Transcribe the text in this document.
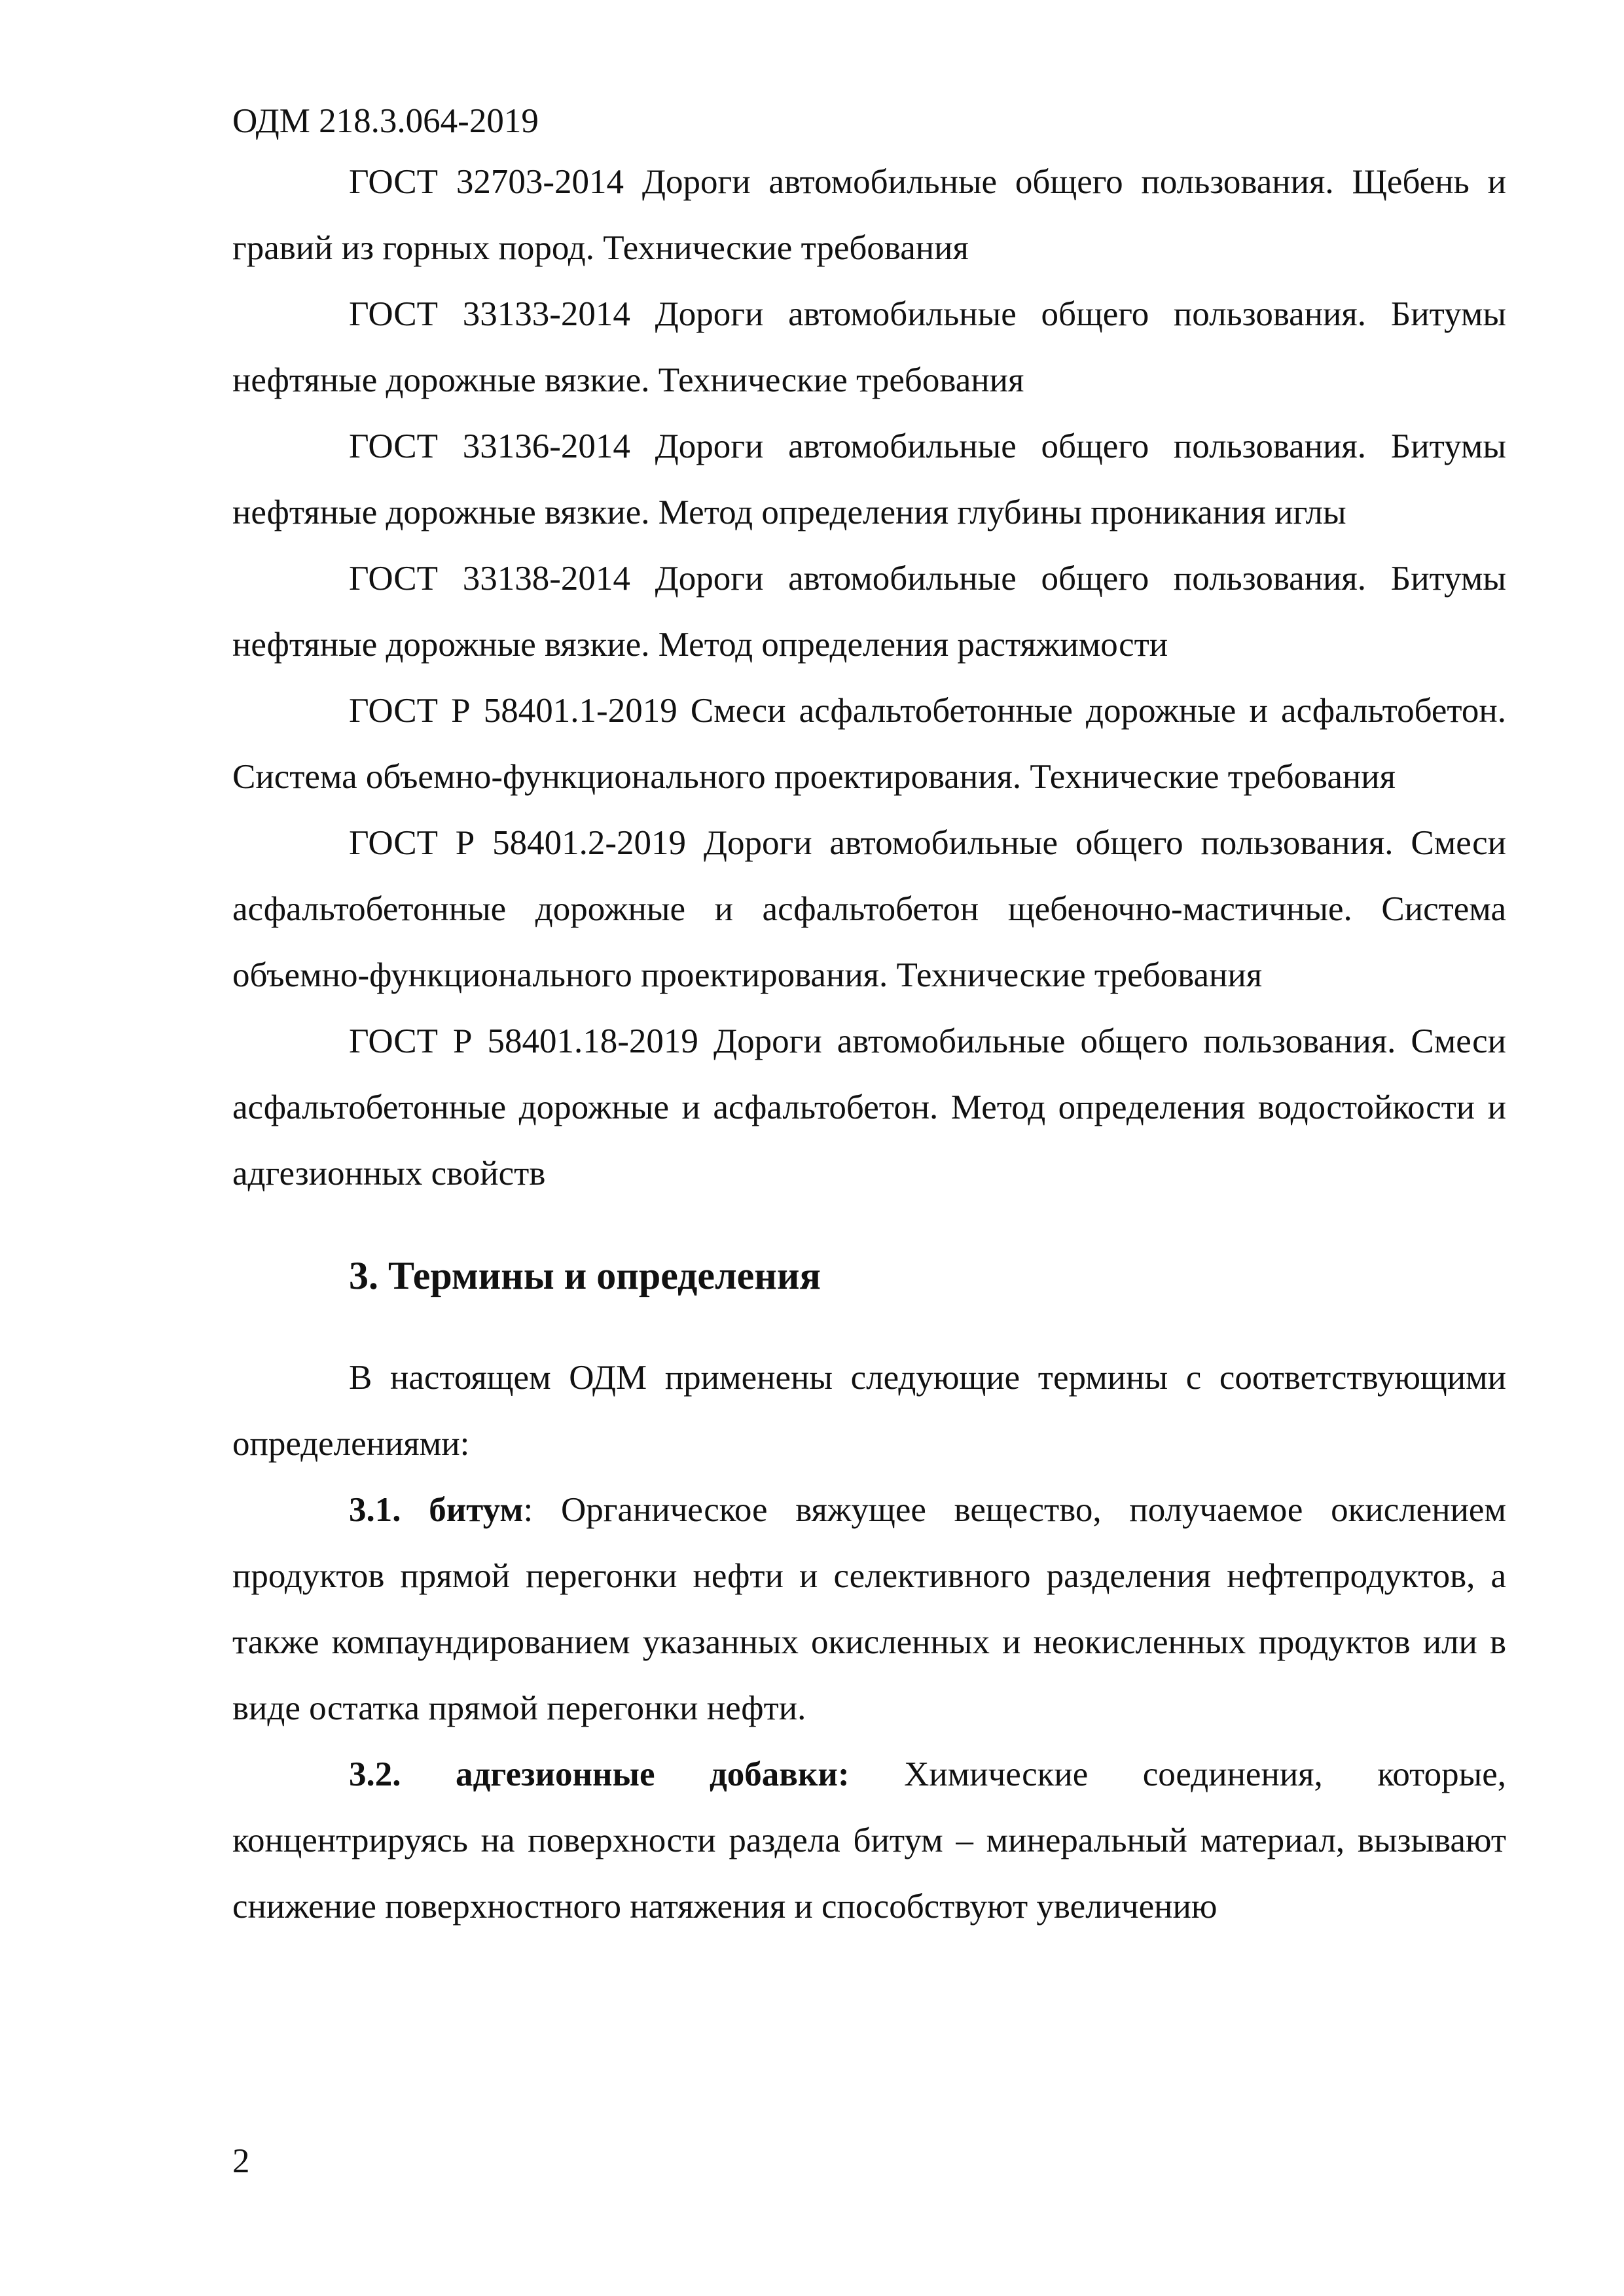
ОДМ 218.3.064-2019

ГОСТ 32703-2014 Дороги автомобильные общего пользования. Щебень и гравий из горных пород. Технические требования

ГОСТ 33133-2014 Дороги автомобильные общего пользования. Битумы нефтяные дорожные вязкие. Технические требования

ГОСТ 33136-2014 Дороги автомобильные общего пользования. Битумы нефтяные дорожные вязкие. Метод определения глубины проникания иглы

ГОСТ 33138-2014 Дороги автомобильные общего пользования. Битумы нефтяные дорожные вязкие. Метод определения растяжимости

ГОСТ Р 58401.1-2019 Смеси асфальтобетонные дорожные и асфальтобетон. Система объемно-функционального проектирования. Технические требования

ГОСТ Р 58401.2-2019 Дороги автомобильные общего пользования. Смеси асфальтобетонные дорожные и асфальтобетон щебеночно-мастичные. Система объемно-функционального проектирования. Технические требования

ГОСТ Р 58401.18-2019 Дороги автомобильные общего пользования. Смеси асфальтобетонные дорожные и асфальтобетон. Метод определения водостойкости и адгезионных свойств

3. Термины и определения

В настоящем ОДМ применены следующие термины с соответствующими определениями:

3.1. битум: Органическое вяжущее вещество, получаемое окислением продуктов прямой перегонки нефти и селективного разделения нефтепродуктов, а также компаундированием указанных окисленных и неокисленных продуктов или в виде остатка прямой перегонки нефти.

3.2. адгезионные добавки: Химические соединения, которые, концентрируясь на поверхности раздела битум – минеральный материал, вызывают снижение поверхностного натяжения и способствуют увеличению

2
